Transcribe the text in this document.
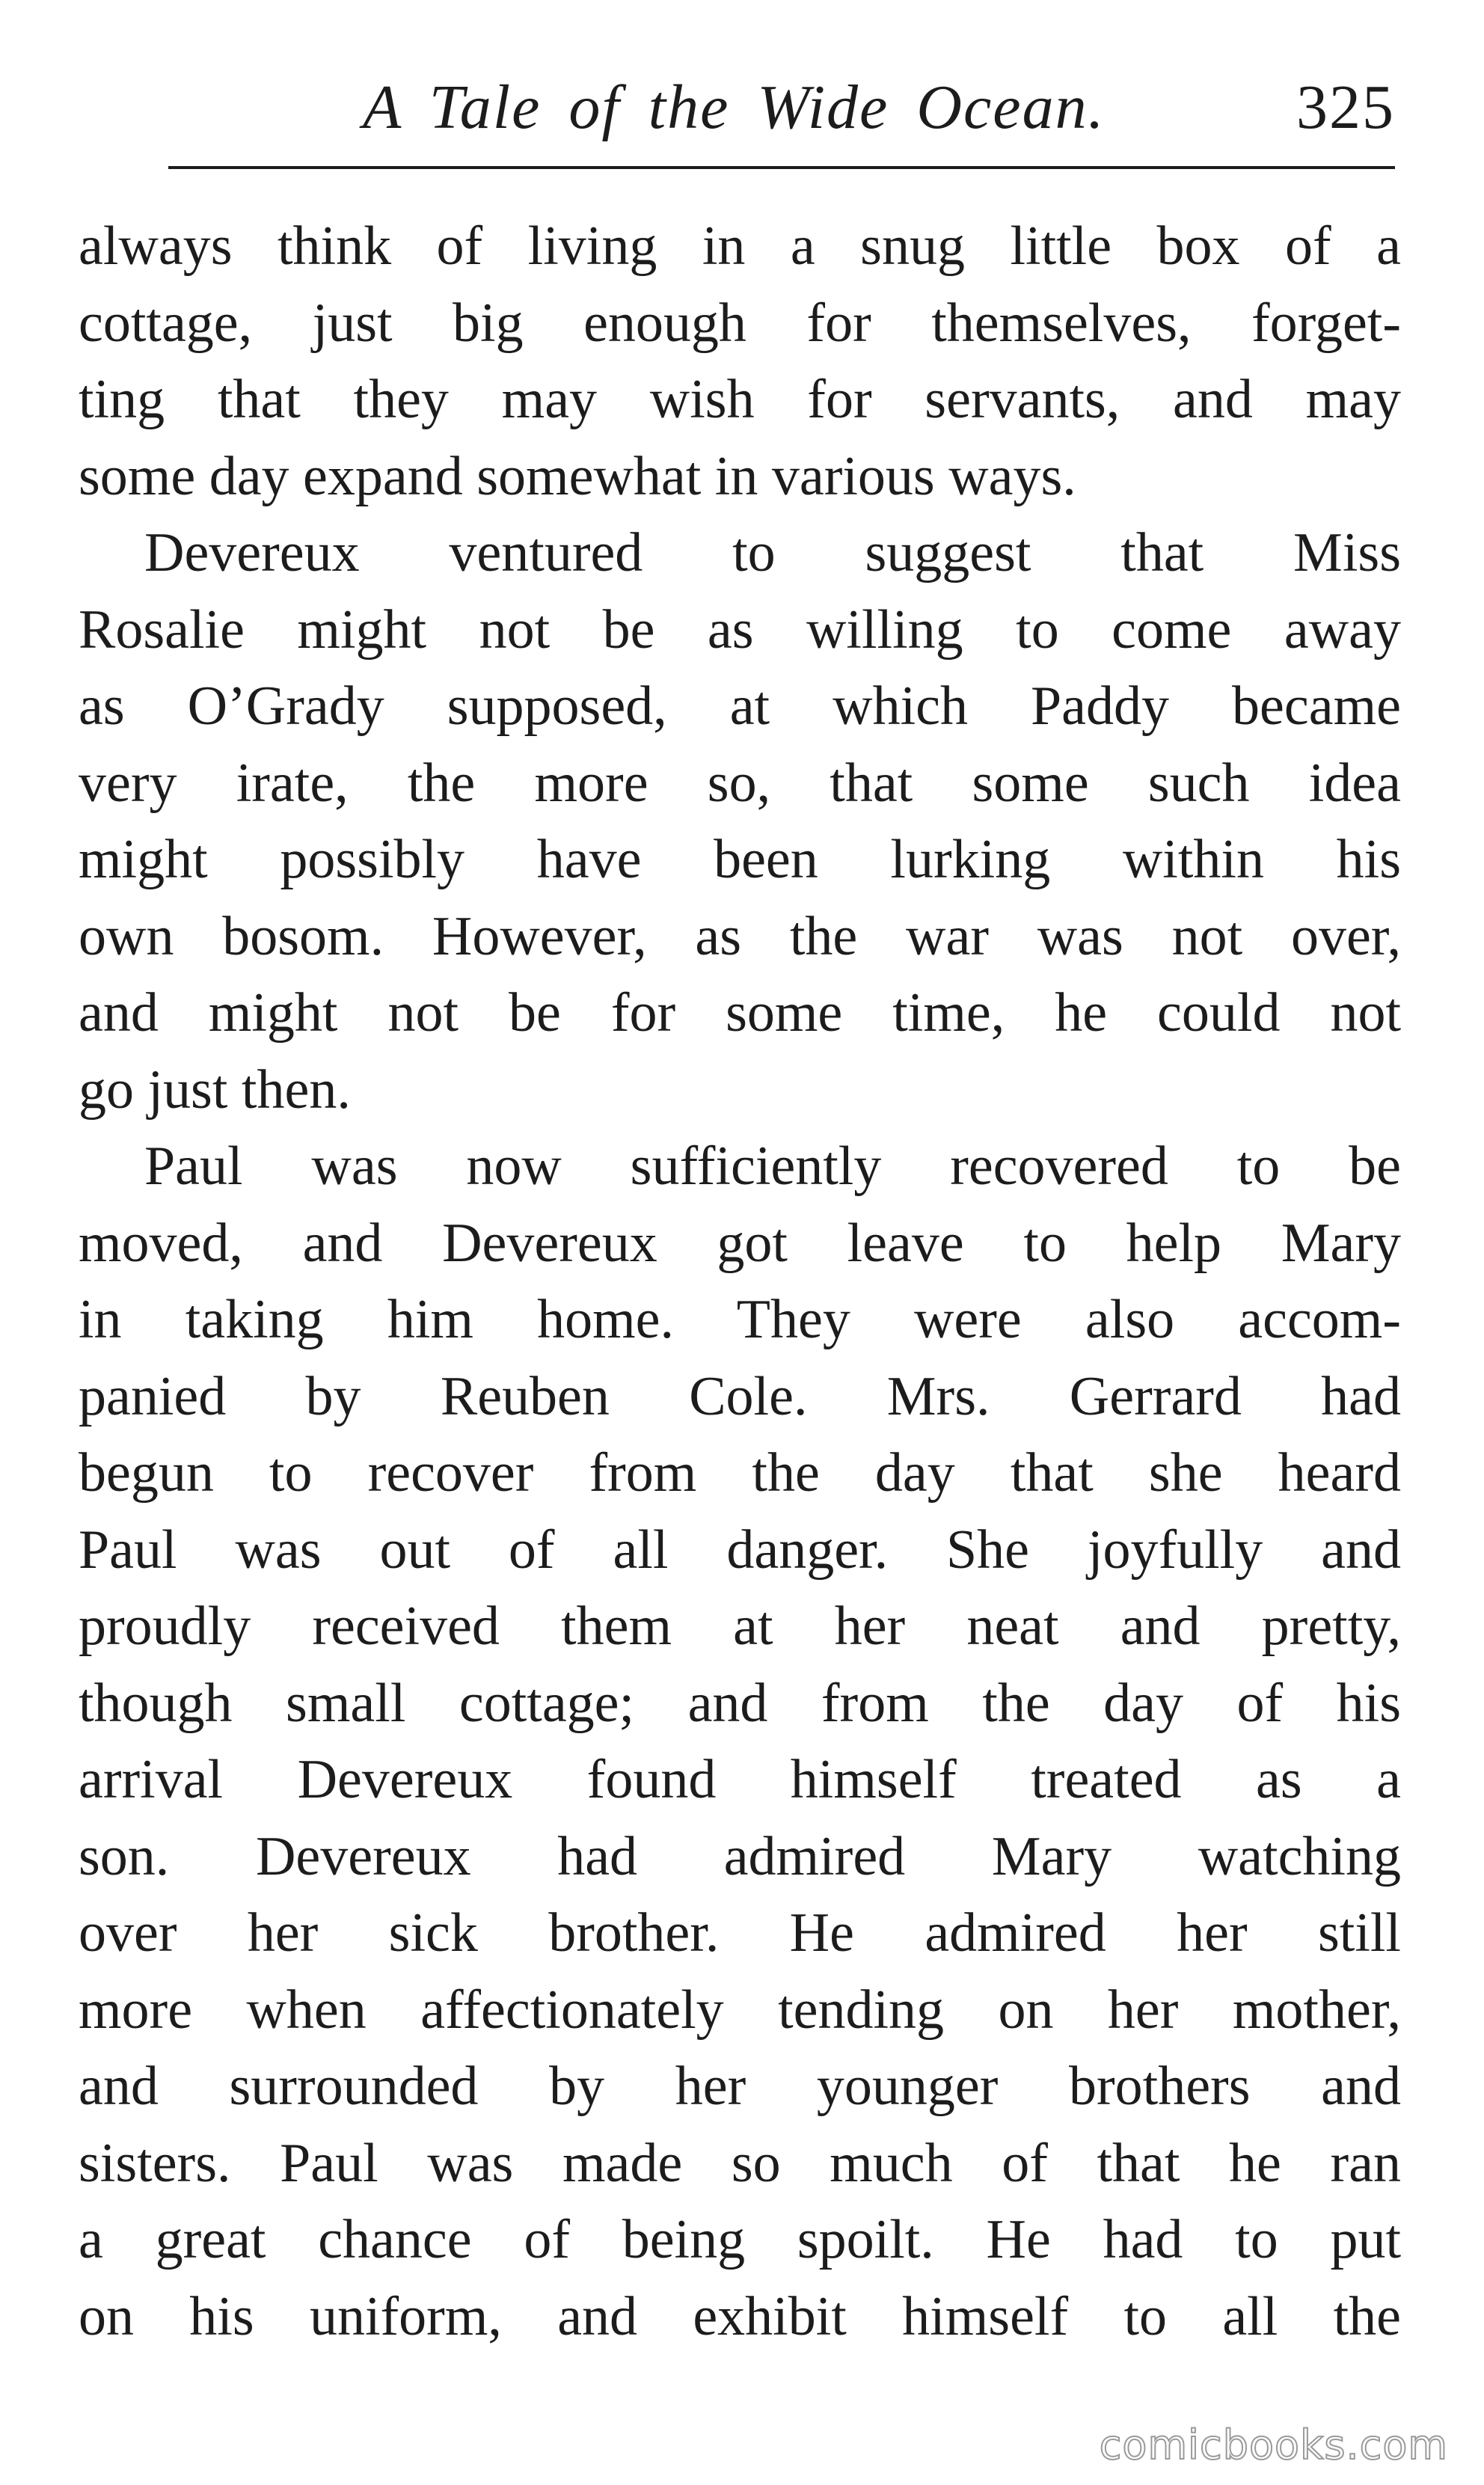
A Tale of the Wide Ocean.	325
always think of living in a snug little box of a
cottage, just big enough for themselves, forget-
ting that they may wish for servants, and may
some day expand somewhat in various ways.
Devereux ventured to suggest that Miss
Rosalie might not be as willing to come away
as O’Grady supposed, at which Paddy became
very irate, the more so, that some such idea
might possibly have been lurking within his
own bosom. However, as the war was not over,
and might not be for some time, he could not
go just then.
Paul was now sufficiently recovered to be
moved, and Devereux got leave to help Mary
in taking him home. They were also accom-
panied by Reuben Cole. Mrs. Gerrard had
begun to recover from the day that she heard
Paul was out of all danger. She joyfully and
proudly received them at her neat and pretty,
though small cottage; and from the day of his
arrival Devereux found himself treated as a
son. Devereux had admired Mary watching
over her sick brother. He admired her still
more when affectionately tending on her mother,
and surrounded by her younger brothers and
sisters. Paul was made so much of that he ran
a great chance of being spoilt. He had to put
on his uniform, and exhibit himself to all the
comicbooks.com
